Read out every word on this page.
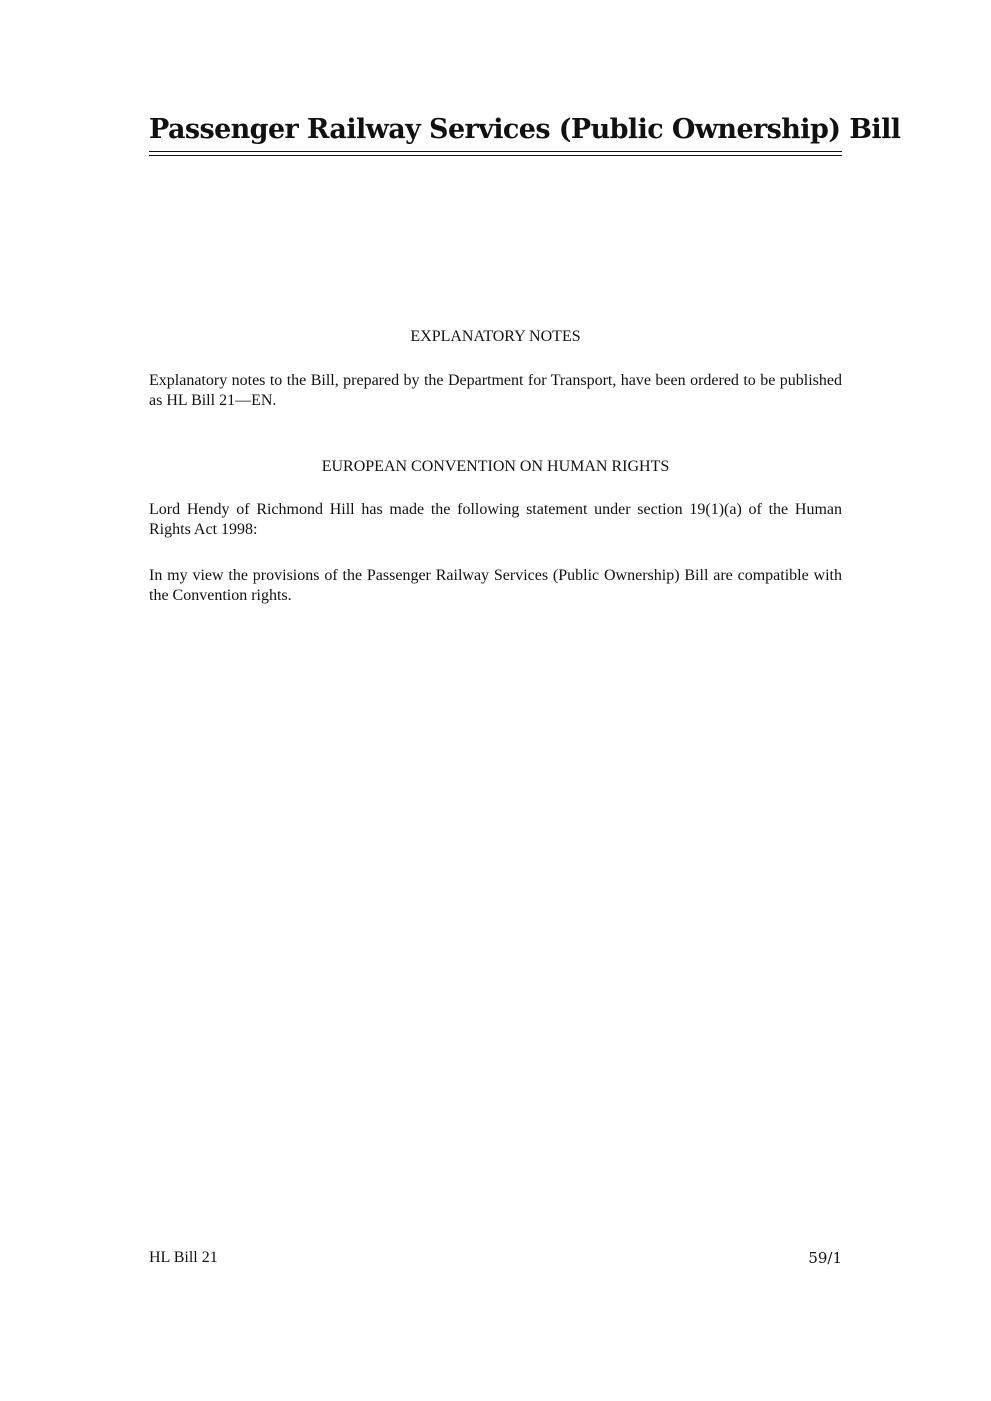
Passenger Railway Services (Public Ownership) Bill
EXPLANATORY NOTES

Explanatory notes to the Bill, prepared by the Department for Transport, have been ordered to be published as HL Bill 21—EN.

EUROPEAN CONVENTION ON HUMAN RIGHTS

Lord Hendy of Richmond Hill has made the following statement under section 19(1)(a) of the Human Rights Act 1998:

In my view the provisions of the Passenger Railway Services (Public Ownership) Bill are compatible with the Convention rights.

HL Bill 21	59/1
